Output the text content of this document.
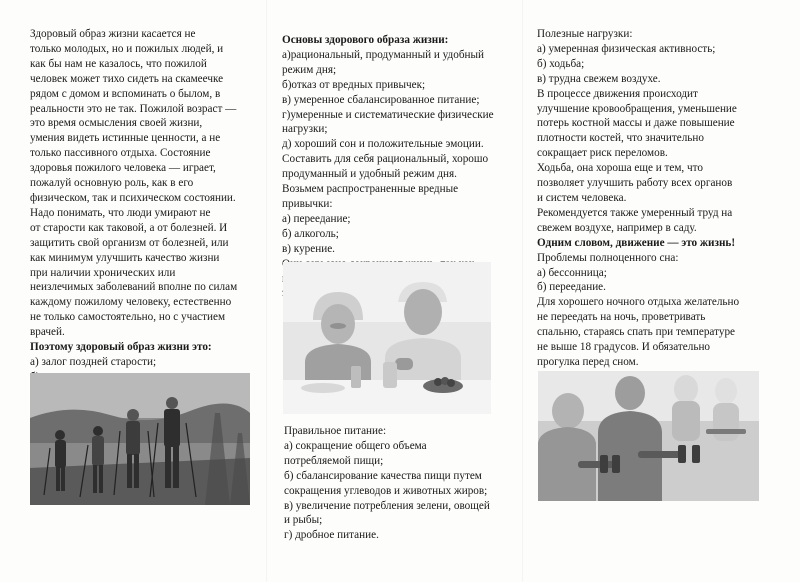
Здоровый образ жизни касается не

только молодых, но и пожилых людей, и

как бы нам не казалось, что пожилой

человек может тихо сидеть на скамеечке

рядом с домом и вспоминать о былом, в

реальности это не так. Пожилой возраст —

это время осмысления своей жизни,

умения видеть истинные ценности, а не

только пассивного отдыха. Состояние

здоровья пожилого человека — играет,

пожалуй основную роль, как в его

физическом, так и психическом состоянии.

Надо понимать, что люди умирают не

от старости как таковой, а от болезней. И

защитить свой организм от болезней, или

как минимум улучшить качество жизни

при наличии хронических или

неизлечимых заболеваний вполне по силам

каждому пожилому человеку, естественно

не только самостоятельно, но с участием

врачей.

Поэтому здоровый образ жизни это:

а) залог поздней старости;

Основы здорового образа жизни:

а)рациональный, продуманный и удобный

режим дня;

б)отказ от вредных привычек;

в) умеренное сбалансированное питание;

г)умеренные и систематические физические

нагрузки;

д) хороший сон и положительные эмоции.

Составить для себя рациональный, хорошо

продуманный и удобный режим дня.

Возьмем распространенные вредные

привычки:

а) переедание;

б) алкоголь;

в) курение.

Правильное питание:

а) сокращение общего объема

потребляемой пищи;

б) сбалансирование качества пищи путем

сокращения углеводов и животных жиров;

в) увеличение потребления зелени, овощей

и рыбы;

г) дробное питание.

Полезные нагрузки:

а) умеренная физическая активность;

б) ходьба;

в) трудна свежем воздухе.

В процессе движения происходит

улучшение кровообращения, уменьшение

потерь костной массы и даже повышение

плотности костей, что значительно

сокращает риск переломов.

Ходьба, она хороша еще и тем, что

позволяет улучшить работу всех органов

и систем человека.

Рекомендуется также умеренный труд на

свежем воздухе, например в саду.

Одним словом, движение — это жизнь!

Проблемы полноценного сна:

а) бессонница;

б) переедание.

Для хорошего ночного отдыха желательно

не переедать на ночь, проветривать

спальню, стараясь спать при температуре

не выше 18 градусов. И обязательно

прогулка перед сном.
